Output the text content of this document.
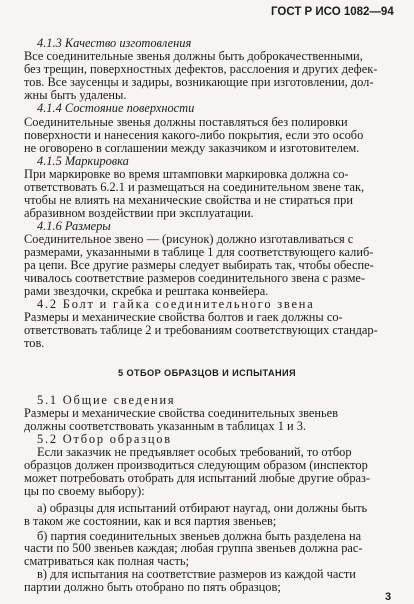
ГОСТ Р ИСО 1082—94
4.1.3 Качество изготовления
Все соединительные звенья должны быть доброкачественными,
без трещин, поверхностных дефектов, расслоения и других дефек-
тов. Все заусенцы и задиры, возникающие при изготовлении, дол-
жны быть удалены.
4.1.4 Состояние поверхности
Соединительные звенья должны поставляться без полировки
поверхности и нанесения какого-либо покрытия, если это особо
не оговорено в соглашении между заказчиком и изготовителем.
4.1.5 Маркировка
При маркировке во время штамповки маркировка должна со-
ответствовать 6.2.1 и размещаться на соединительном звене так,
чтобы не влиять на механические свойства и не стираться при
абразивном воздействии при эксплуатации.
4.1.6 Размеры
Соединительное звено — (рисунок) должно изготавливаться с
размерами, указанными в таблице 1 для соответствующего калиб-
ра цепи. Все другие размеры следует выбирать так, чтобы обеспе-
чивалось соответствие размеров соединительного звена с разме-
рами звездочки, скребка и рештака конвейера.
4.2 Болт и гайка соединительного звена
Размеры и механические свойства болтов и гаек должны со-
ответствовать таблице 2 и требованиям соответствующих стандар-
тов.
5 ОТБОР ОБРАЗЦОВ И ИСПЫТАНИЯ
5.1 Общие сведения
Размеры и механические свойства соединительных звеньев
должны соответствовать указанным в таблицах 1 и 3.
5.2 Отбор образцов
Если заказчик не предъявляет особых требований, то отбор
образцов должен производиться следующим образом (инспектор
может потребовать отобрать для испытаний любые другие образ-
цы по своему выбору):
а) образцы для испытаний отбирают наугад, они должны быть
в таком же состоянии, как и вся партия звеньев;
б) партия соединительных звеньев должна быть разделена на
части по 500 звеньев каждая; любая группа звеньев должна рас-
сматриваться как полная часть;
в) для испытания на соответствие размеров из каждой части
партии должно быть отобрано по пять образцов;
3
